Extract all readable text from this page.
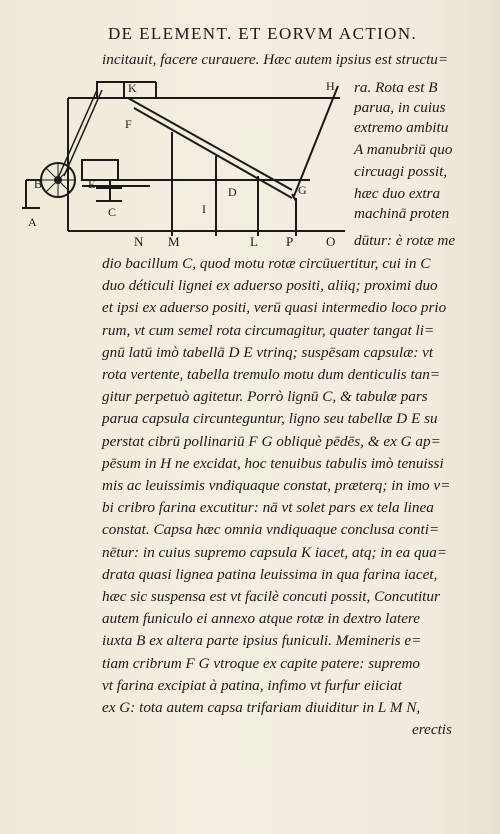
DE ELEMENT. ET EORVM ACTION.
incitauit, facere curauere. Hæc autem ipsius est structu=
K	H
F
D
I
G
E
C
B
A
N M	L P O
ra. Rota est B
parua, in cuius
extremo ambitu
A manubriū quo
circuagi possit,
hæc duo extra
machinā proten
dūtur: è rotæ me
dio bacillum C, quod motu rotæ circūuertitur, cui in C
duo déticuli lignei ex aduerso positi, aliiq; proximi duo
et ipsi ex aduerso positi, verū quasi intermedio loco prio
rum, vt cum semel rota circumagitur, quater tangat li=
gnū latū imò tabellā D E vtrinq; suspēsam capsulæ: vt
rota vertente, tabella tremulo motu dum denticulis tan=
gitur perpetuò agitetur. Porrò lignū C, & tabulæ pars
parua capsula circunteguntur, ligno seu tabellæ D E su
perstat cibrū pollinariū F G obliquè pēdēs, & ex G ap=
pēsum in H ne excidat, hoc tenuibus tabulis imò tenuissi
mis ac leuissimis vndiquaque constat, præterq; in imo v=
bi cribro farina excutitur: nā vt solet pars ex tela linea
constat. Capsa hæc omnia vndiquaque conclusa conti=
nētur: in cuius supremo capsula K iacet, atq; in ea qua=
drata quasi lignea patina leuissima in qua farina iacet,
hæc sic suspensa est vt facilè concuti possit, Concutitur
autem funiculo ei annexo atque rotæ in dextro latere
iuxta B ex altera parte ipsius funiculi. Memineris e=
tiam cribrum F G vtroque ex capite patere: supremo
vt farina excipiat à patina, infimo vt furfur eiiciat
ex G: tota autem capsa trifariam diuiditur in L M N,
erectis
